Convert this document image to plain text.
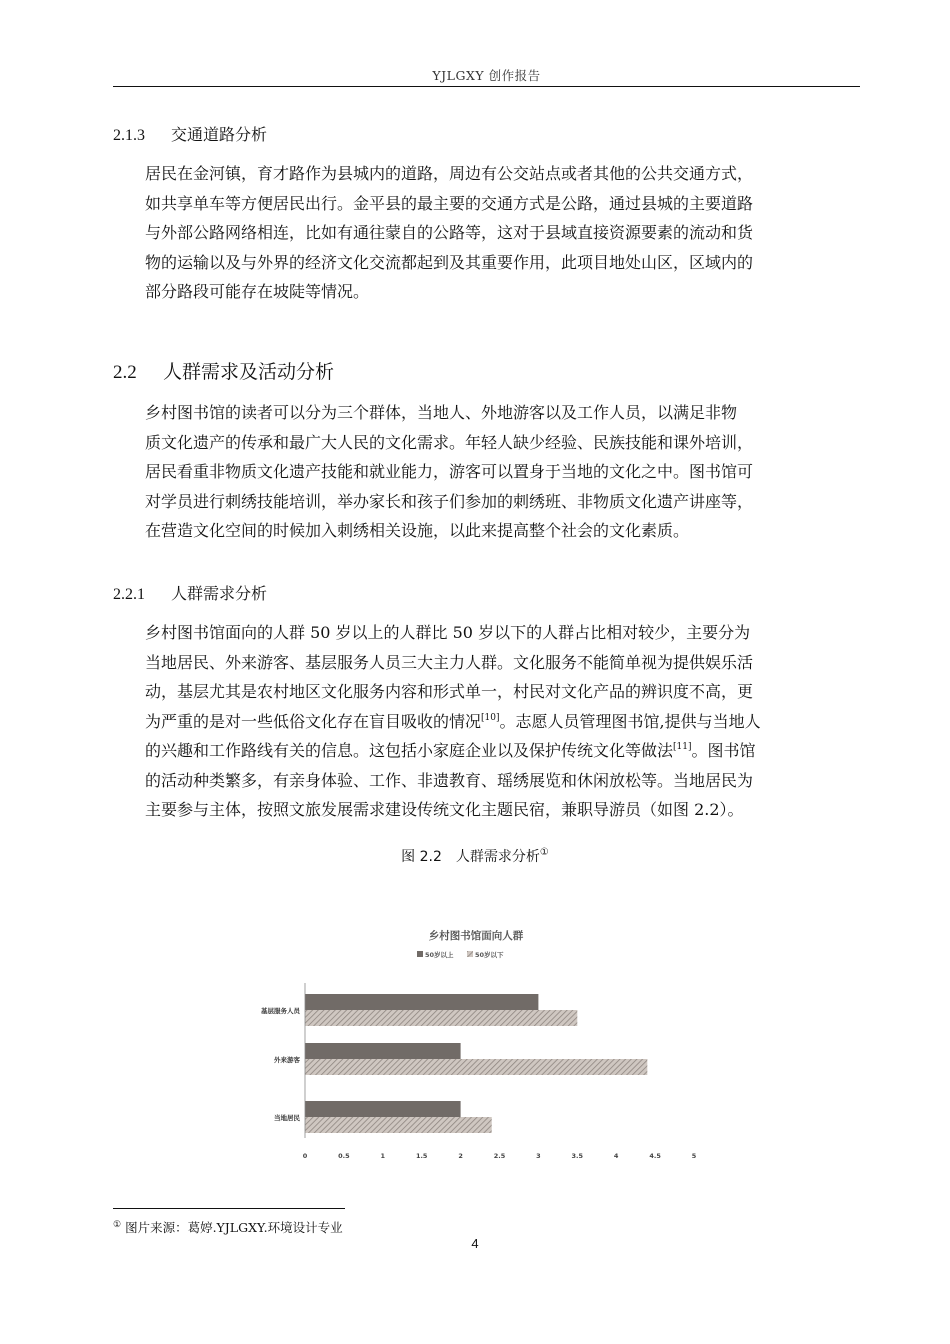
YJLGXY 创作报告
2.1.3 交通道路分析
居民在金河镇，育才路作为县城内的道路，周边有公交站点或者其他的公共交通方式，
如共享单车等方便居民出行。金平县的最主要的交通方式是公路，通过县城的主要道路
与外部公路网络相连，比如有通往蒙自的公路等，这对于县域直接资源要素的流动和货
物的运输以及与外界的经济文化交流都起到及其重要作用，此项目地处山区，区域内的
部分路段可能存在坡陡等情况。
2.2 人群需求及活动分析
乡村图书馆的读者可以分为三个群体，当地人、外地游客以及工作人员，以满足非物
质文化遗产的传承和最广大人民的文化需求。年轻人缺少经验、民族技能和课外培训，
居民看重非物质文化遗产技能和就业能力，游客可以置身于当地的文化之中。图书馆可
对学员进行刺绣技能培训，举办家长和孩子们参加的刺绣班、非物质文化遗产讲座等，
在营造文化空间的时候加入刺绣相关设施，以此来提高整个社会的文化素质。
2.2.1 人群需求分析
乡村图书馆面向的人群 50 岁以上的人群比 50 岁以下的人群占比相对较少，主要分为
当地居民、外来游客、基层服务人员三大主力人群。文化服务不能简单视为提供娱乐活
动，基层尤其是农村地区文化服务内容和形式单一，村民对文化产品的辨识度不高，更
为严重的是对一些低俗文化存在盲目吸收的情况[10]。志愿人员管理图书馆,提供与当地人
的兴趣和工作路线有关的信息。这包括小家庭企业以及保护传统文化等做法[11]。图书馆
的活动种类繁多，有亲身体验、工作、非遗教育、瑶绣展览和休闲放松等。当地居民为
主要参与主体，按照文旅发展需求建设传统文化主题民宿，兼职导游员（如图 2.2）。
图 2.2　人群需求分析①
乡村图书馆面向人群
50岁以上	50岁以下
基层服务人员
外来游客
当地居民
0	0.5	1	1.5	2	2.5	3	3.5	4	4.5	5
① 图片来源：葛婷.YJLGXY.环境设计专业
4
